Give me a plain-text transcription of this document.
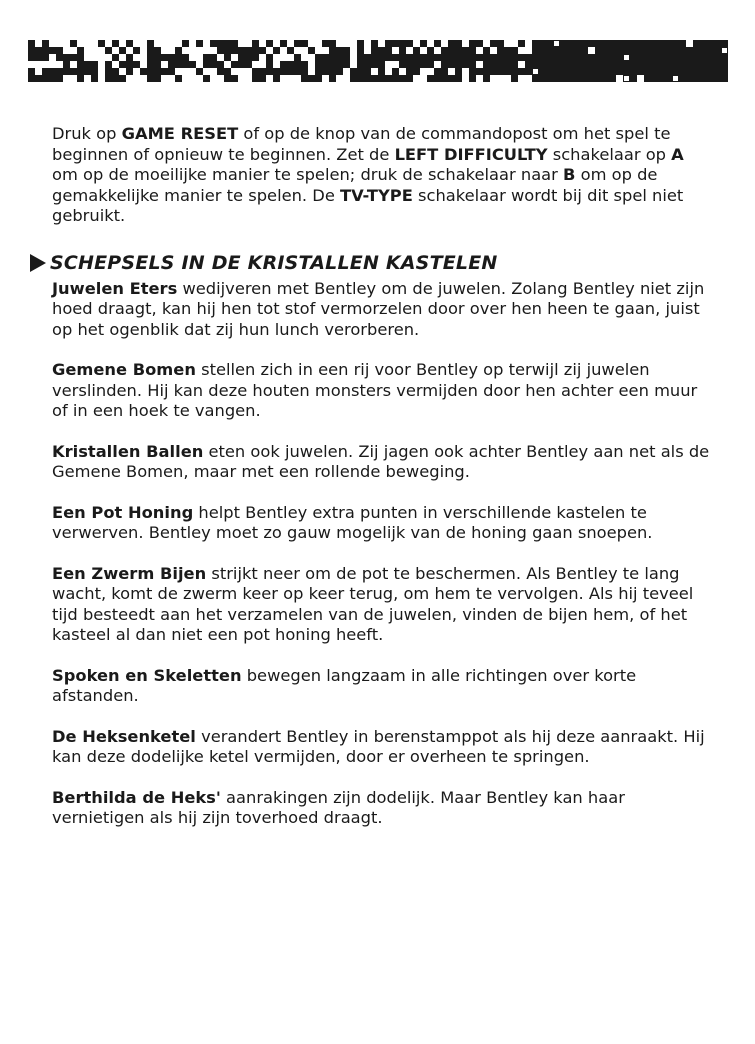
Druk op GAME RESET of op de knop van de commandopost om het spel te beginnen of opnieuw te beginnen. Zet de LEFT DIFFICULTY schakelaar op A om op de moeilijke manier te spelen; druk de schakelaar naar B om op de gemakkelijke manier te spelen. De TV-TYPE schakelaar wordt bij dit spel niet gebruikt.

SCHEPSELS IN DE KRISTALLEN KASTELEN

Juwelen Eters wedijveren met Bentley om de juwelen. Zolang Bentley niet zijn hoed draagt, kan hij hen tot stof vermorzelen door over hen heen te gaan, juist op het ogenblik dat zij hun lunch verorberen.

Gemene Bomen stellen zich in een rij voor Bentley op terwijl zij juwelen verslinden. Hij kan deze houten monsters vermijden door hen achter een muur of in een hoek te vangen.

Kristallen Ballen eten ook juwelen. Zij jagen ook achter Bentley aan net als de Gemene Bomen, maar met een rollende beweging.

Een Pot Honing helpt Bentley extra punten in verschillende kastelen te verwerven. Bentley moet zo gauw mogelijk van de honing gaan snoepen.

Een Zwerm Bijen strijkt neer om de pot te beschermen. Als Bentley te lang wacht, komt de zwerm keer op keer terug, om hem te vervolgen. Als hij teveel tijd besteedt aan het verzamelen van de juwelen, vinden de bijen hem, of het kasteel al dan niet een pot honing heeft.

Spoken en Skeletten bewegen langzaam in alle richtingen over korte afstanden.

De Heksenketel verandert Bentley in berenstamppot als hij deze aanraakt. Hij kan deze dodelijke ketel vermijden, door er overheen te springen.

Berthilda de Heks' aanrakingen zijn dodelijk. Maar Bentley kan haar vernietigen als hij zijn toverhoed draagt.
